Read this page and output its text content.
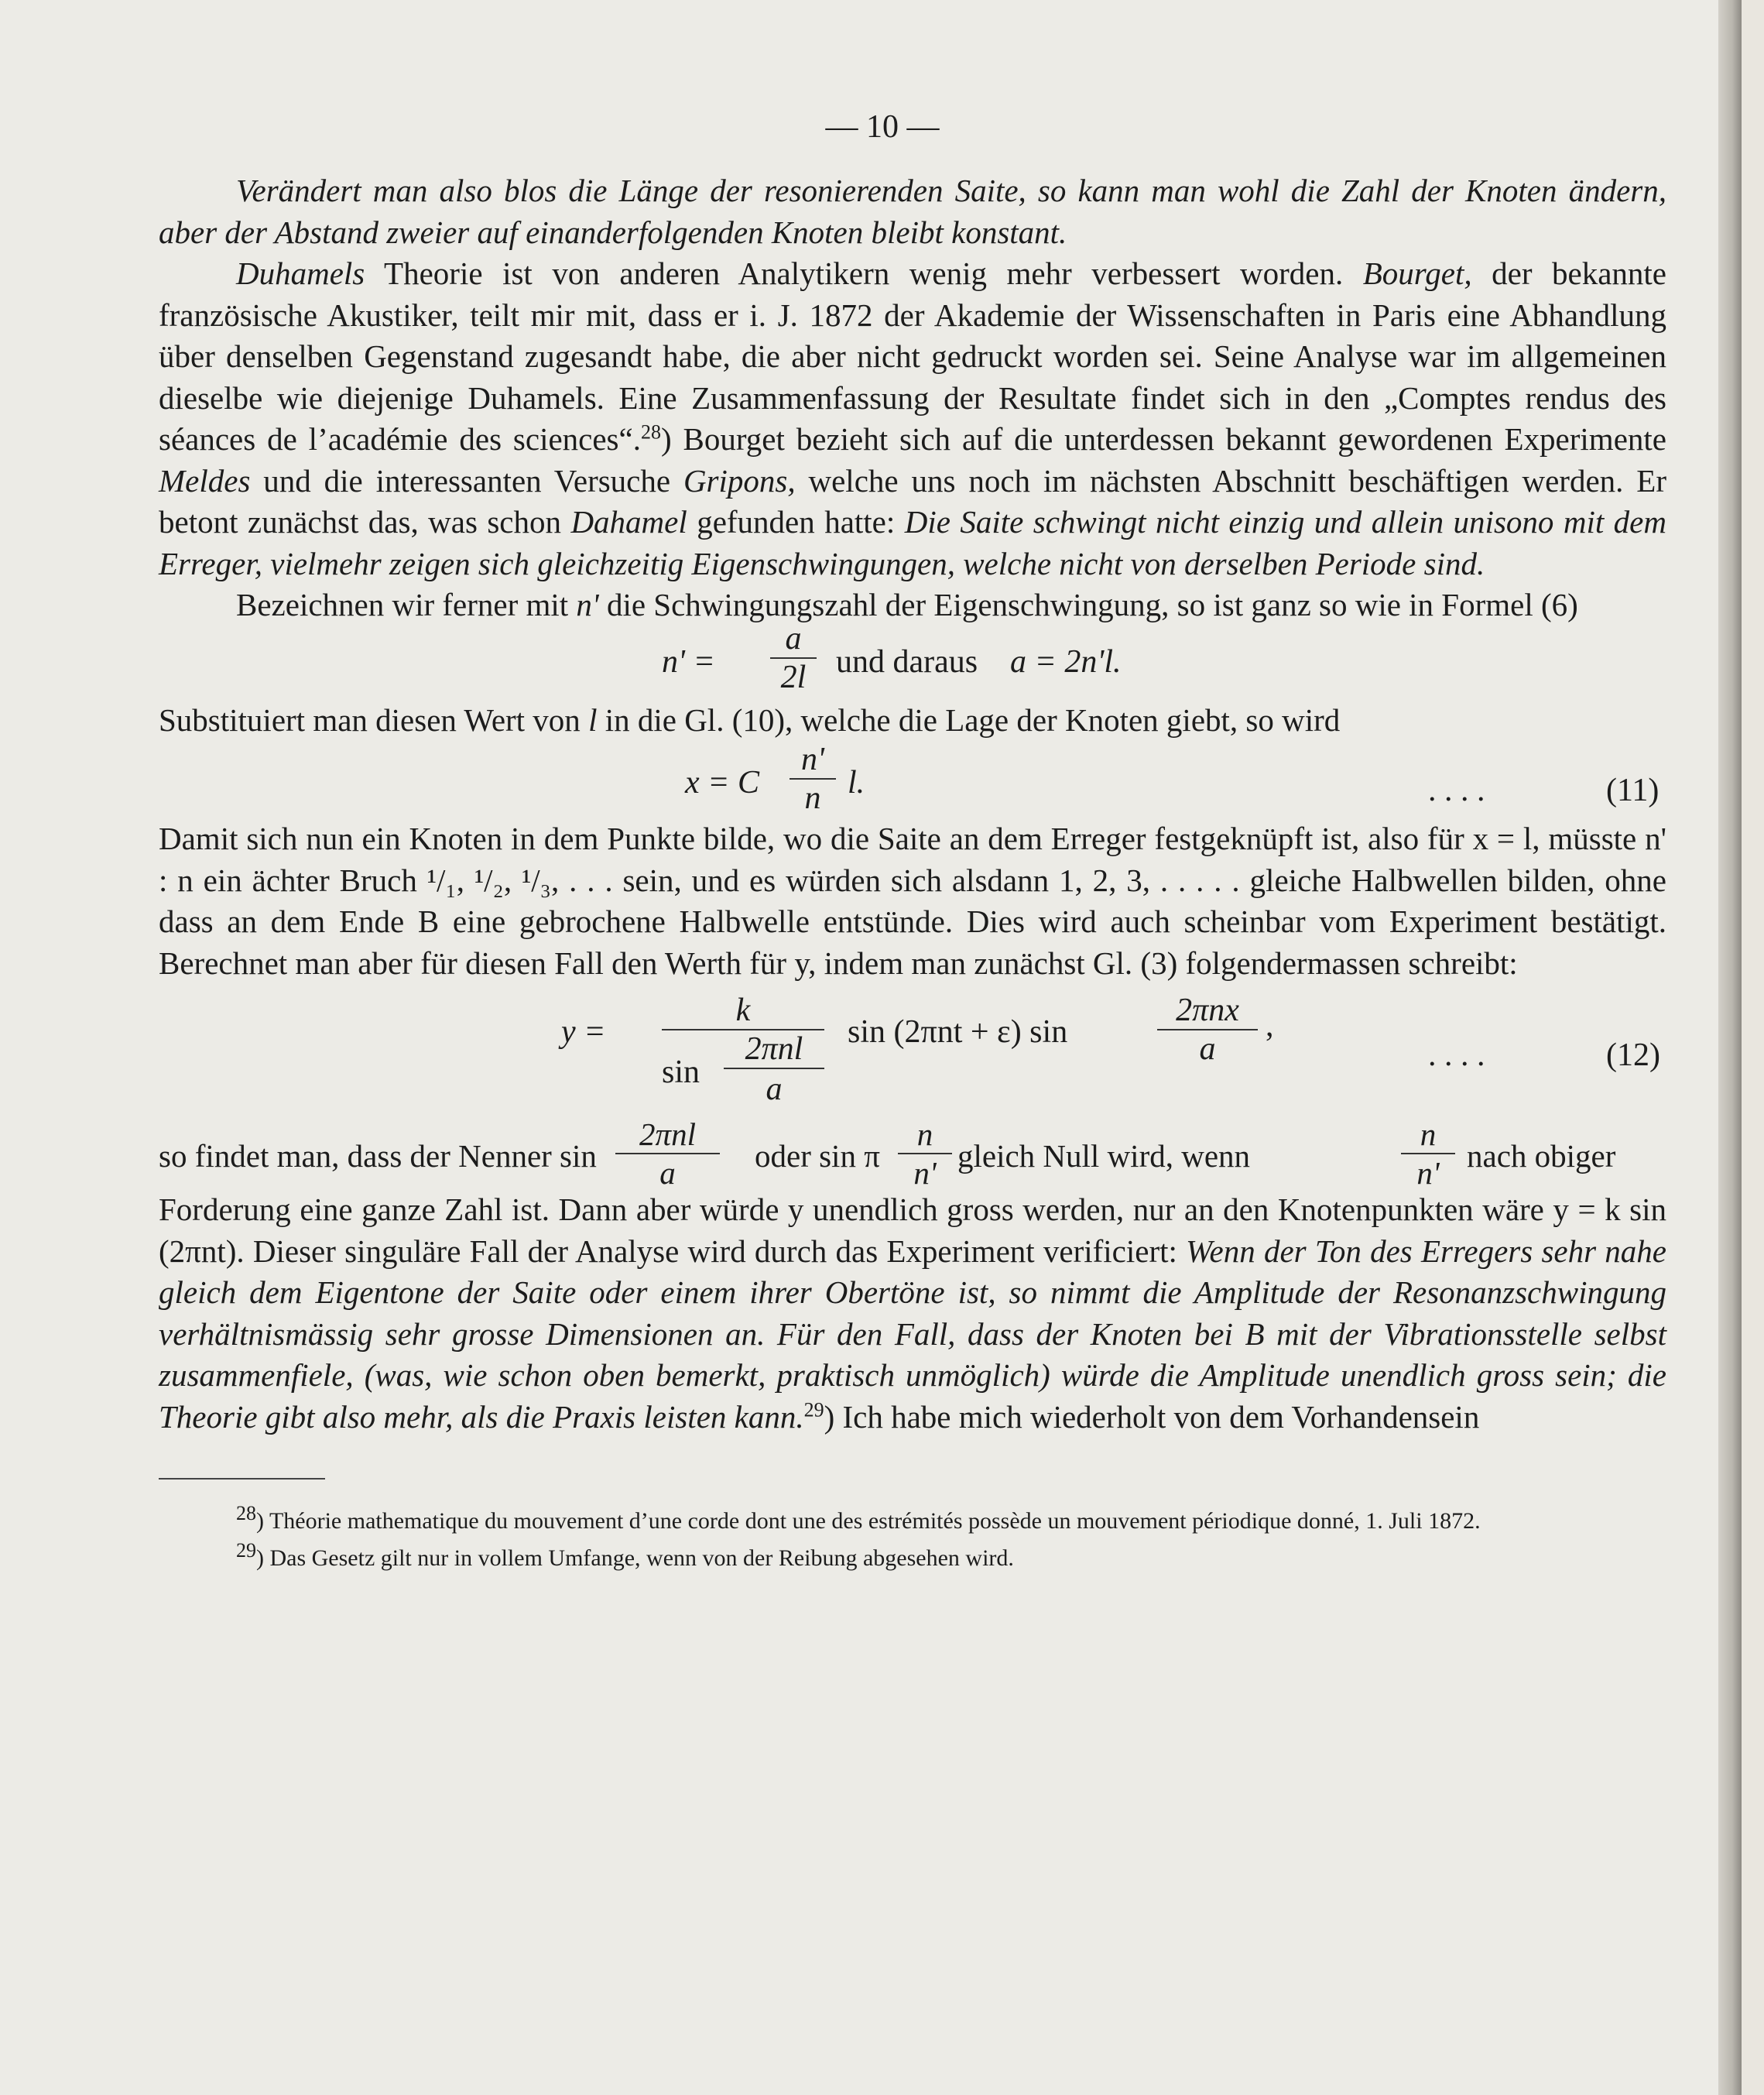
— 10 —

Verändert man also blos die Länge der resonierenden Saite, so kann man wohl die Zahl der Knoten ändern, aber der Abstand zweier auf einanderfolgenden Knoten bleibt konstant.

Duhamels Theorie ist von anderen Analytikern wenig mehr verbessert worden. Bourget, der bekannte französische Akustiker, teilt mir mit, dass er i. J. 1872 der Akademie der Wissenschaften in Paris eine Abhandlung über denselben Gegenstand zugesandt habe, die aber nicht gedruckt worden sei. Seine Analyse war im allgemeinen dieselbe wie diejenige Duhamels. Eine Zusammenfassung der Resultate findet sich in den „Comptes rendus des séances de l’académie des sciences“.$^{28}$) Bourget bezieht sich auf die unterdessen bekannt gewordenen Experimente Meldes und die interessanten Versuche Gripons, welche uns noch im nächsten Abschnitt beschäftigen werden. Er betont zunächst das, was schon Dahamel gefunden hatte: Die Saite schwingt nicht einzig und allein unisono mit dem Erreger, vielmehr zeigen sich gleichzeitig Eigenschwingungen, welche nicht von derselben Periode sind.

Bezeichnen wir ferner mit n' die Schwingungszahl der Eigenschwingung, so ist ganz so wie in Formel (6)

$n' = \frac{a}{2l}$ und daraus a = 2n'l.

Substituiert man diesen Wert von l in die Gl. (10), welche die Lage der Knoten giebt, so wird

x = C $\frac{n'}{n} l$.	. . . .	(11)

Damit sich nun ein Knoten in dem Punkte bilde, wo die Saite an dem Erreger festgeknüpft ist, also für x = l, müsste n' : n ein ächter Bruch ¹/₁, ¹/₂, ¹/₃, . . . sein, und es würden sich alsdann 1, 2, 3, . . . . . gleiche Halbwellen bilden, ohne dass an dem Ende B eine gebrochene Halbwelle entstünde. Dies wird auch scheinbar vom Experiment bestätigt. Berechnet man aber für diesen Fall den Werth für y, indem man zunächst Gl. (3) folgendermassen schreibt:

y =
k
sin
2πnl
a
sin (2πnt + ε) sin
2πnx
a
,
. . . .	(12)
so findet man, dass der Nenner sin
2πnl
a	oder sin π $\frac{n}{n'}$ gleich Null wird, wenn	$\frac{n}{n'}$ nach obiger

Forderung eine ganze Zahl ist. Dann aber würde y unendlich gross werden, nur an den Knotenpunkten wäre y = k sin (2πnt). Dieser singuläre Fall der Analyse wird durch das Experiment verificiert: Wenn der Ton des Erregers sehr nahe gleich dem Eigentone der Saite oder einem ihrer Obertöne ist, so nimmt die Amplitude der Resonanzschwingung verhältnismässig sehr grosse Dimensionen an. Für den Fall, dass der Knoten bei B mit der Vibrationsstelle selbst zusammenfiele, (was, wie schon oben bemerkt, praktisch unmöglich) würde die Amplitude unendlich gross sein; die Theorie gibt also mehr, als die Praxis leisten kann.$^{29}$) Ich habe mich wiederholt von dem Vorhandensein

$^{28}$) Théorie mathematique du mouvement d’une corde dont une des estrémités possède un mouvement périodique donné, 1. Juli 1872.

$^{29}$) Das Gesetz gilt nur in vollem Umfange, wenn von der Reibung abgesehen wird.
